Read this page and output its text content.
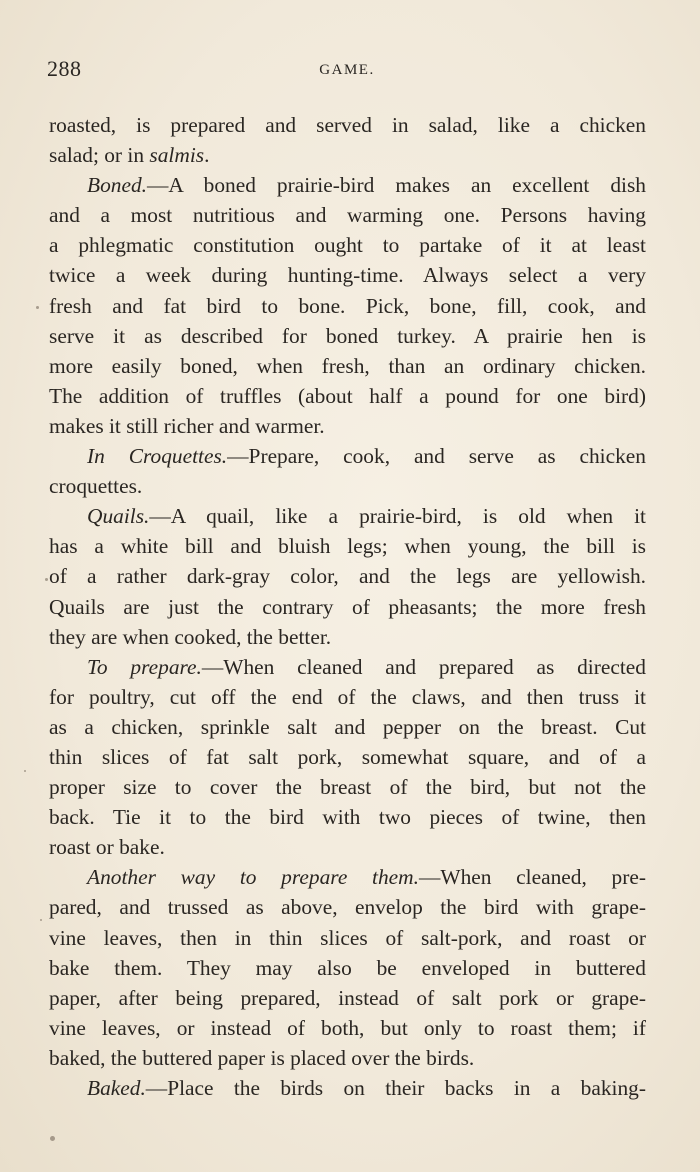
288	GAME.
roasted, is prepared and served in salad, like a chicken
salad; or in salmis.
Boned.—A boned prairie-bird makes an excellent dish
and a most nutritious and warming one. Persons having
a phlegmatic constitution ought to partake of it at least
twice a week during hunting-time. Always select a very
fresh and fat bird to bone. Pick, bone, fill, cook, and
serve it as described for boned turkey. A prairie hen is
more easily boned, when fresh, than an ordinary chicken.
The addition of truffles (about half a pound for one bird)
makes it still richer and warmer.
In Croquettes.—Prepare, cook, and serve as chicken
croquettes.
Quails.—A quail, like a prairie-bird, is old when it
has a white bill and bluish legs; when young, the bill is
of a rather dark-gray color, and the legs are yellowish.
Quails are just the contrary of pheasants; the more fresh
they are when cooked, the better.
To prepare.—When cleaned and prepared as directed
for poultry, cut off the end of the claws, and then truss it
as a chicken, sprinkle salt and pepper on the breast. Cut
thin slices of fat salt pork, somewhat square, and of a
proper size to cover the breast of the bird, but not the
back. Tie it to the bird with two pieces of twine, then
roast or bake.
Another way to prepare them.—When cleaned, pre-
pared, and trussed as above, envelop the bird with grape-
vine leaves, then in thin slices of salt-pork, and roast or
bake them. They may also be enveloped in buttered
paper, after being prepared, instead of salt pork or grape-
vine leaves, or instead of both, but only to roast them; if
baked, the buttered paper is placed over the birds.
Baked.—Place the birds on their backs in a baking-
